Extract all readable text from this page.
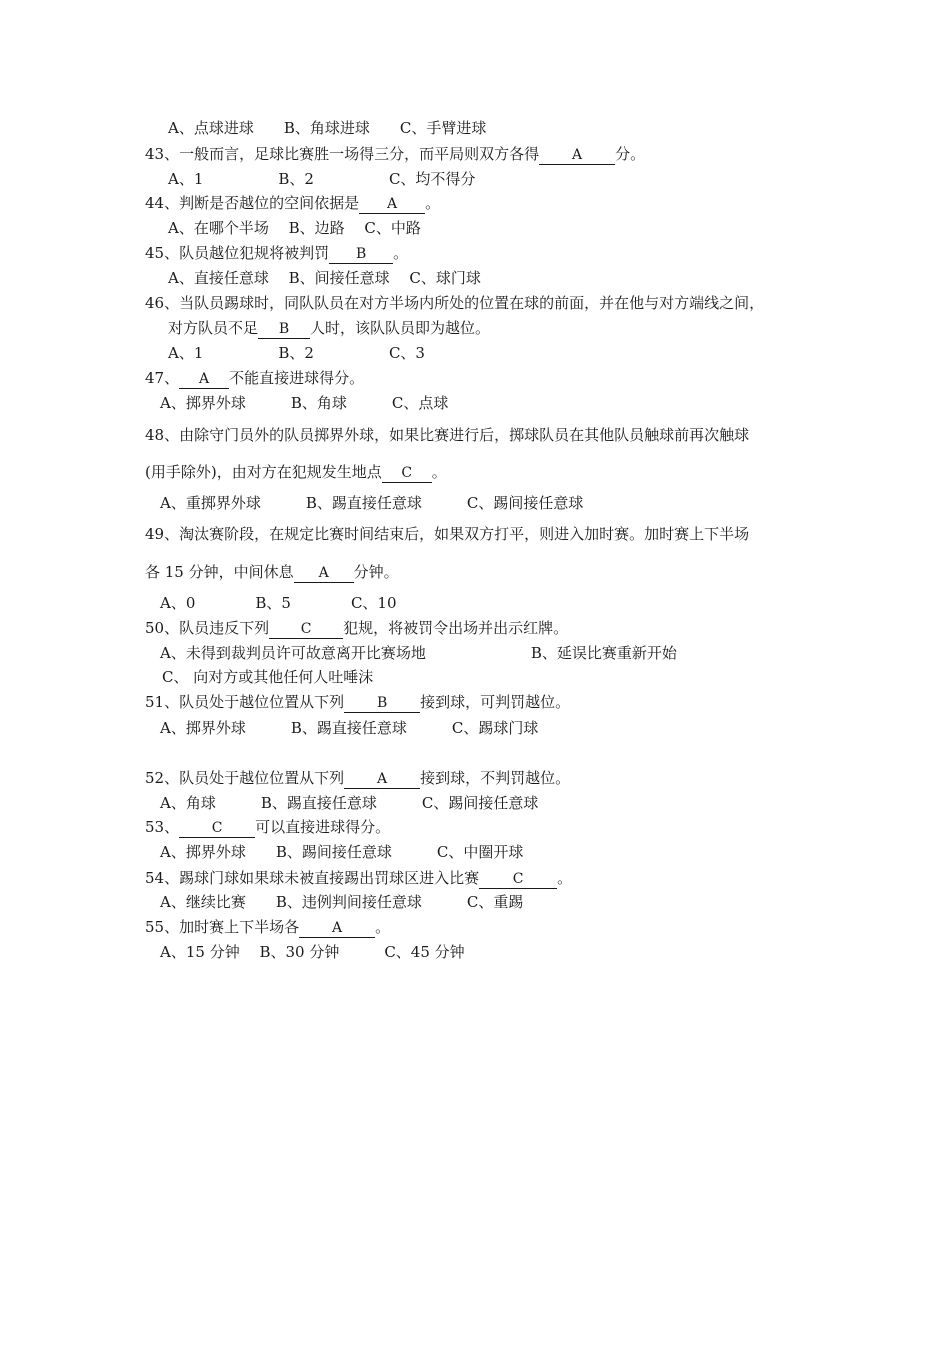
A、点球进球　　B、角球进球　　C、手臂进球
43、一般而言，足球比赛胜一场得三分，而平局则双方各得 A 分。
A、1　　　　　B、2　　　　　C、均不得分
44、判断是否越位的空间依据是 A 。
A、在哪个半场　 B、边路　 C、中路
45、队员越位犯规将被判罚 B 。
A、直接任意球　 B、间接任意球　 C、球门球
46、当队员踢球时，同队队员在对方半场内所处的位置在球的前面，并在他与对方端线之间，
对方队员不足 B 人时，该队队员即为越位。
A、1　　　　　B、2　　　　　C、3
47、 A 不能直接进球得分。
A、掷界外球　　　B、角球　　　C、点球
48、由除守门员外的队员掷界外球，如果比赛进行后，掷球队员在其他队员触球前再次触球
(用手除外)，由对方在犯规发生地点 C 。
A、重掷界外球　　　B、踢直接任意球　　　C、踢间接任意球
49、淘汰赛阶段，在规定比赛时间结束后，如果双方打平，则进入加时赛。加时赛上下半场
各 15 分钟，中间休息 A 分钟。
A、0　　　　B、5　　　　C、10
50、队员违反下列 C 犯规，将被罚令出场并出示红牌。
A、未得到裁判员许可故意离开比赛场地　　　　　　　B、延误比赛重新开始
C、 向对方或其他任何人吐唾沫
51、队员处于越位位置从下列 B 接到球，可判罚越位。
A、掷界外球　　　B、踢直接任意球　　　C、踢球门球
52、队员处于越位位置从下列 A 接到球，不判罚越位。
A、角球　　　B、踢直接任意球　　　C、踢间接任意球
53、 C 可以直接进球得分。
A、掷界外球　　B、踢间接任意球　　　C、中圈开球
54、踢球门球如果球未被直接踢出罚球区进入比赛 C 。
A、继续比赛　　B、违例判间接任意球　　　C、重踢
55、加时赛上下半场各 A 。
A、15 分钟　 B、30 分钟　　　C、45 分钟
